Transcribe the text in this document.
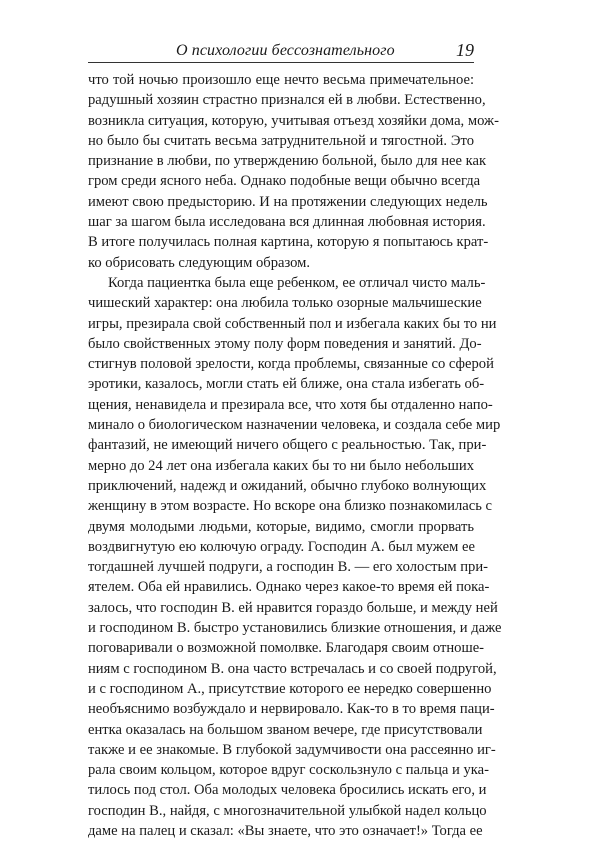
О психологии бессознательного	19
что той ночью произошло еще нечто весьма примечательное:
радушный хозяин страстно признался ей в любви. Естественно,
возникла ситуация, которую, учитывая отъезд хозяйки дома, мож-
но было бы считать весьма затруднительной и тягостной. Это
признание в любви, по утверждению больной, было для нее как
гром среди ясного неба. Однако подобные вещи обычно всегда
имеют свою предысторию. И на протяжении следующих недель
шаг за шагом была исследована вся длинная любовная история.
В итоге получилась полная картина, которую я попытаюсь крат-
ко обрисовать следующим образом.
Когда пациентка была еще ребенком, ее отличал чисто маль-
чишеский характер: она любила только озорные мальчишеские
игры, презирала свой собственный пол и избегала каких бы то ни
было свойственных этому полу форм поведения и занятий. До-
стигнув половой зрелости, когда проблемы, связанные со сферой
эротики, казалось, могли стать ей ближе, она стала избегать об-
щения, ненавидела и презирала все, что хотя бы отдаленно напо-
минало о биологическом назначении человека, и создала себе мир
фантазий, не имеющий ничего общего с реальностью. Так, при-
мерно до 24 лет она избегала каких бы то ни было небольших
приключений, надежд и ожиданий, обычно глубоко волнующих
женщину в этом возрасте. Но вскоре она близко познакомилась с
двумя молодыми людьми, которые, видимо, смогли прорвать
воздвигнутую ею колючую ограду. Господин А. был мужем ее
тогдашней лучшей подруги, а господин В. — его холостым при-
ятелем. Оба ей нравились. Однако через какое-то время ей пока-
залось, что господин В. ей нравится гораздо больше, и между ней
и господином В. быстро установились близкие отношения, и даже
поговаривали о возможной помолвке. Благодаря своим отноше-
ниям с господином В. она часто встречалась и со своей подругой,
и с господином А., присутствие которого ее нередко совершенно
необъяснимо возбуждало и нервировало. Как-то в то время паци-
ентка оказалась на большом званом вечере, где присутствовали
также и ее знакомые. В глубокой задумчивости она рассеянно иг-
рала своим кольцом, которое вдруг соскользнуло с пальца и ука-
тилось под стол. Оба молодых человека бросились искать его, и
господин В., найдя, с многозначительной улыбкой надел кольцо
даме на палец и сказал: «Вы знаете, что это означает!» Тогда ее
